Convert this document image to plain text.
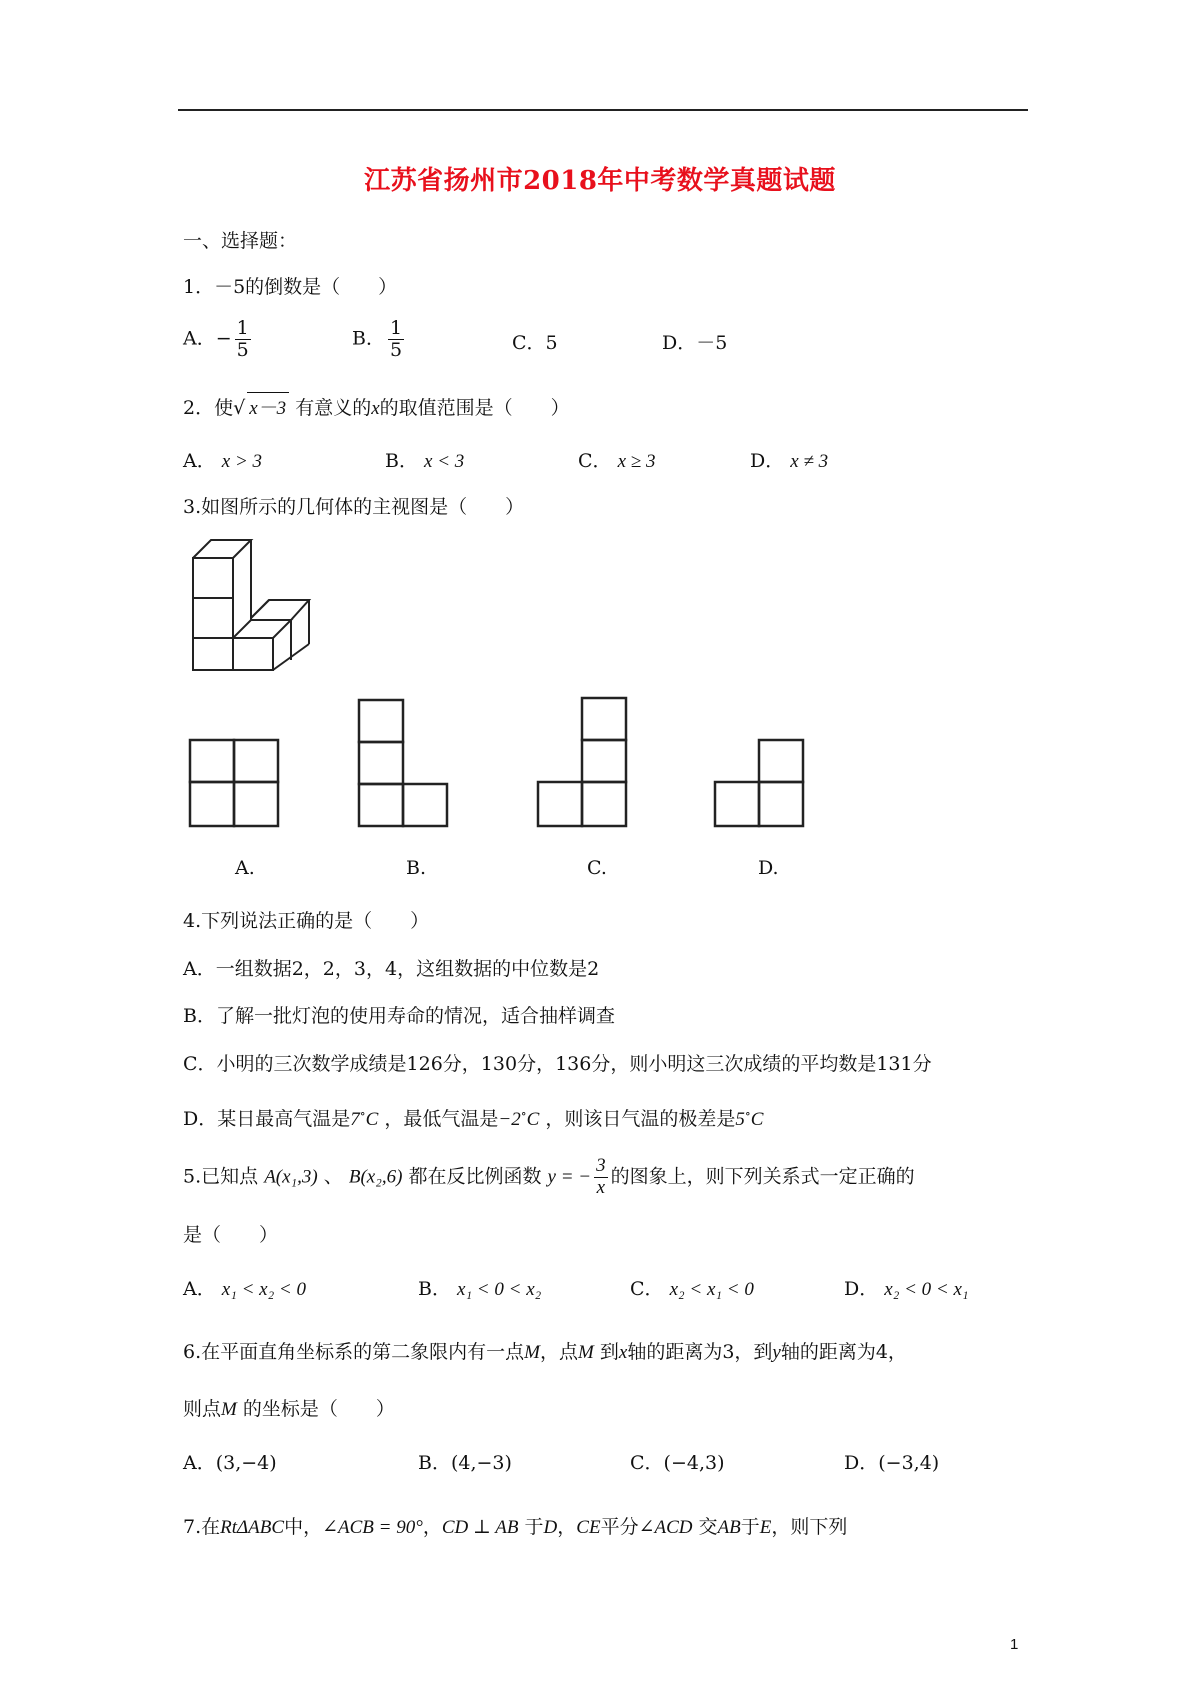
江苏省扬州市2018年中考数学真题试题
一、选择题：
1．－5的倒数是（　　）
A．− $\frac{1}{5}$	B． $\frac{1}{5}$	C．5	D．－5
2．使√ x－3 有意义的x的取值范围是（　　）
A． x > 3	B． x < 3	C． x ≥ 3	D． x ≠ 3
3.如图所示的几何体的主视图是（　　）
A.	B.	C.	D.
4.下列说法正确的是（　　）
A．一组数据2，2，3，4，这组数据的中位数是2
B．了解一批灯泡的使用寿命的情况，适合抽样调查
C．小明的三次数学成绩是126分，130分，136分，则小明这三次成绩的平均数是131分
D．某日最高气温是7∘C ，最低气温是−2∘C ，则该日气温的极差是5∘C
5.已知点 A(x₁,3) 、 B(x₂,6) 都在反比例函数 y = − $\frac{3}{x}$ 的图象上，则下列关系式一定正确的
是（　　）
A． x₁ < x₂ < 0	B． x₁ < 0 < x₂	C． x₂ < x₁ < 0	D． x₂ < 0 < x₁
6.在平面直角坐标系的第二象限内有一点M，点M 到x轴的距离为3，到y轴的距离为4，
则点M 的坐标是（　　）
A．(3,−4)	B．(4,−3)	C．(−4,3)	D．(−3,4)
7.在RtΔABC中，∠ACB = 90°，CD ⊥ AB 于D，CE平分∠ACD 交AB于E，则下列
1
